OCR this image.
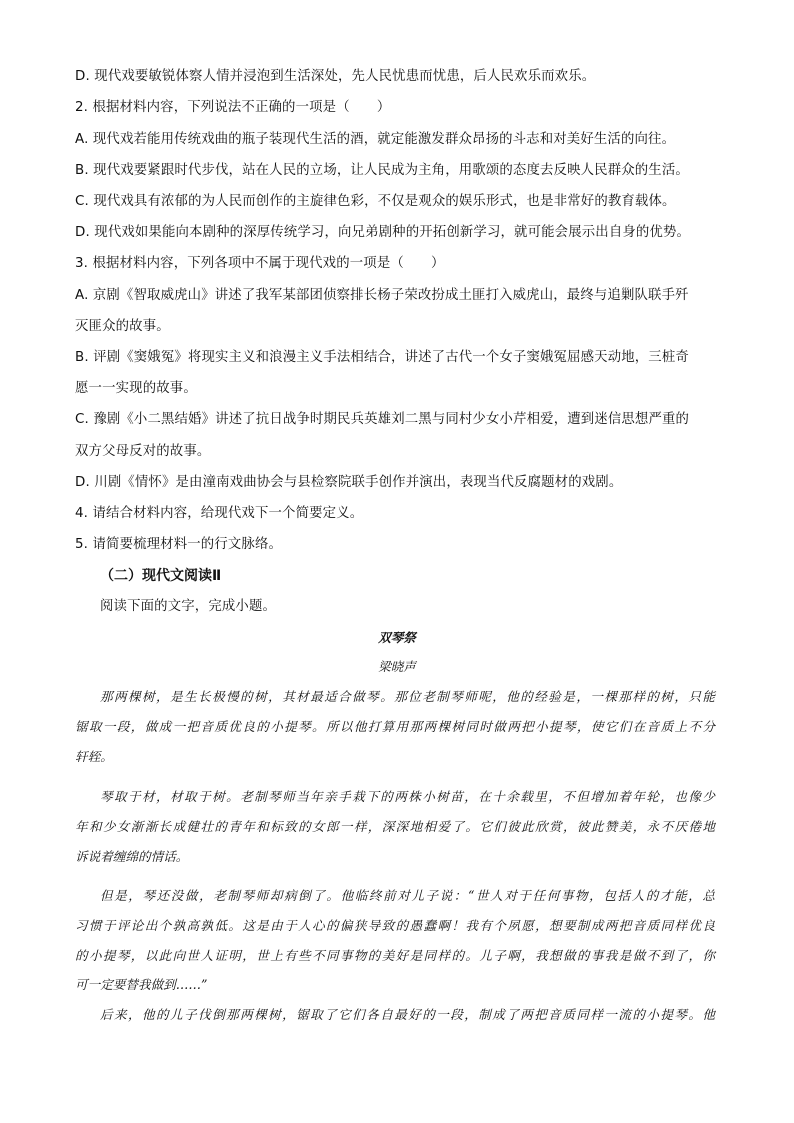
D. 现代戏要敏锐体察人情并浸泡到生活深处，先人民忧患而忧患，后人民欢乐而欢乐。
2. 根据材料内容，下列说法不正确的一项是（　　）
A. 现代戏若能用传统戏曲的瓶子装现代生活的酒，就定能激发群众昂扬的斗志和对美好生活的向往。
B. 现代戏要紧跟时代步伐，站在人民的立场，让人民成为主角，用歌颂的态度去反映人民群众的生活。
C. 现代戏具有浓郁的为人民而创作的主旋律色彩，不仅是观众的娱乐形式，也是非常好的教育载体。
D. 现代戏如果能向本剧种的深厚传统学习，向兄弟剧种的开拓创新学习，就可能会展示出自身的优势。
3. 根据材料内容，下列各项中不属于现代戏的一项是（　　）
A. 京剧《智取威虎山》讲述了我军某部团侦察排长杨子荣改扮成土匪打入威虎山，最终与追剿队联手歼
灭匪众的故事。
B. 评剧《窦娥冤》将现实主义和浪漫主义手法相结合，讲述了古代一个女子窦娥冤屈感天动地，三桩奇
愿一一实现的故事。
C. 豫剧《小二黑结婚》讲述了抗日战争时期民兵英雄刘二黑与同村少女小芹相爱，遭到迷信思想严重的
双方父母反对的故事。
D. 川剧《情怀》是由潼南戏曲协会与县检察院联手创作并演出，表现当代反腐题材的戏剧。
4. 请结合材料内容，给现代戏下一个简要定义。
5. 请简要梳理材料一的行文脉络。
（二）现代文阅读Ⅱ
阅读下面的文字，完成小题。
双琴祭
梁晓声
那两棵树，是生长极慢的树，其材最适合做琴。那位老制琴师呢，他的经验是，一棵那样的树，只能
锯取一段，做成一把音质优良的小提琴。所以他打算用那两棵树同时做两把小提琴，使它们在音质上不分
轩轾。
琴取于材，材取于树。老制琴师当年亲手栽下的两株小树苗，在十余载里，不但增加着年轮，也像少
年和少女渐渐长成健壮的青年和标致的女郎一样，深深地相爱了。它们彼此欣赏，彼此赞美，永不厌倦地
诉说着缠绵的情话。
但是，琴还没做，老制琴师却病倒了。他临终前对儿子说：“世人对于任何事物，包括人的才能，总
习惯于评论出个孰高孰低。这是由于人心的偏狭导致的愚蠢啊！我有个夙愿，想要制成两把音质同样优良
的小提琴，以此向世人证明，世上有些不同事物的美好是同样的。儿子啊，我想做的事我是做不到了，你
可一定要替我做到……”
后来，他的儿子伐倒那两棵树，锯取了它们各自最好的一段，制成了两把音质同样一流的小提琴。他
